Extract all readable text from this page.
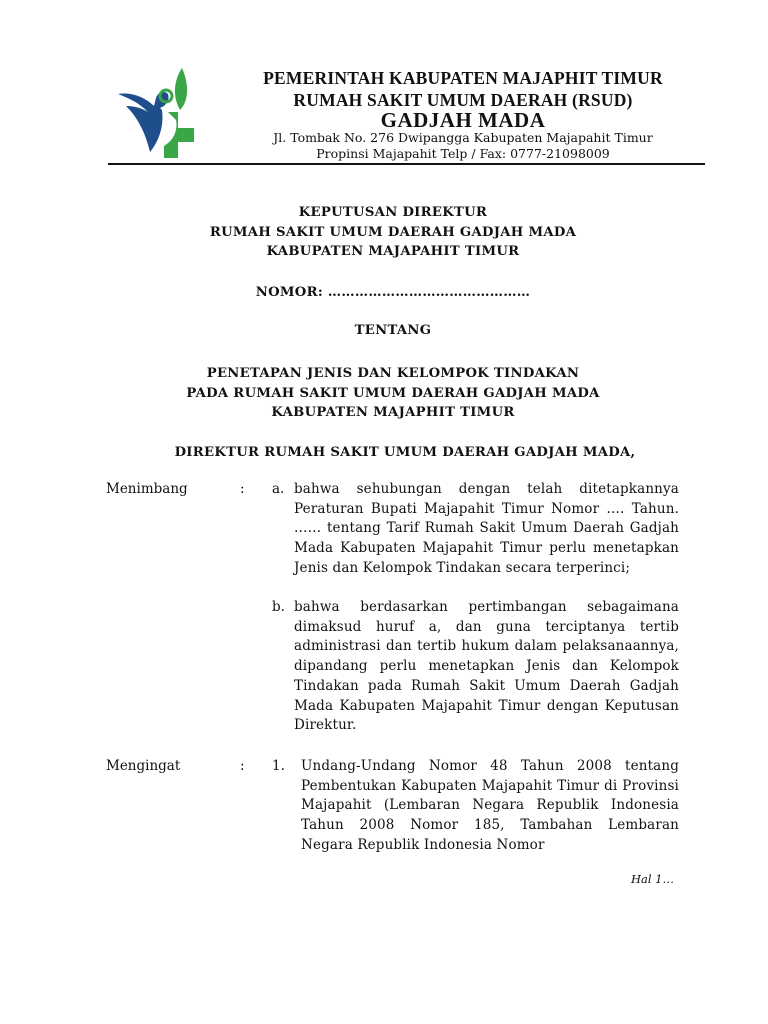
PEMERINTAH KABUPATEN MAJAPHIT TIMUR
RUMAH SAKIT UMUM DAERAH (RSUD)
GADJAH MADA
Jl. Tombak No. 276 Dwipangga Kabupaten Majapahit Timur
Propinsi Majapahit Telp / Fax: 0777-21098009
KEPUTUSAN DIREKTUR
RUMAH SAKIT UMUM DAERAH GADJAH MADA
KABUPATEN MAJAPAHIT TIMUR
NOMOR: ………………………………………
TENTANG
PENETAPAN JENIS DAN KELOMPOK TINDAKAN
PADA RUMAH SAKIT UMUM DAERAH GADJAH MADA
KABUPATEN MAJAPHIT TIMUR
DIREKTUR RUMAH SAKIT UMUM DAERAH GADJAH MADA,
Menimbang	: a. bahwa sehubungan dengan telah ditetapkannya Peraturan Bupati Majapahit Timur Nomor …. Tahun. …… tentang Tarif Rumah Sakit Umum Daerah Gadjah Mada Kabupaten Majapahit Timur perlu menetapkan Jenis dan Kelompok Tindakan secara terperinci;
b. bahwa berdasarkan pertimbangan sebagaimana dimaksud huruf a, dan guna terciptanya tertib administrasi dan tertib hukum dalam pelaksanaannya, dipandang perlu menetapkan Jenis dan Kelompok Tindakan pada Rumah Sakit Umum Daerah Gadjah Mada Kabupaten Majapahit Timur dengan Keputusan Direktur.
Mengingat	: 1. Undang-Undang Nomor 48 Tahun 2008 tentang Pembentukan Kabupaten Majapahit Timur di Provinsi Majapahit (Lembaran Negara Republik Indonesia Tahun 2008 Nomor 185, Tambahan Lembaran Negara Republik Indonesia Nomor
Hal 1…
